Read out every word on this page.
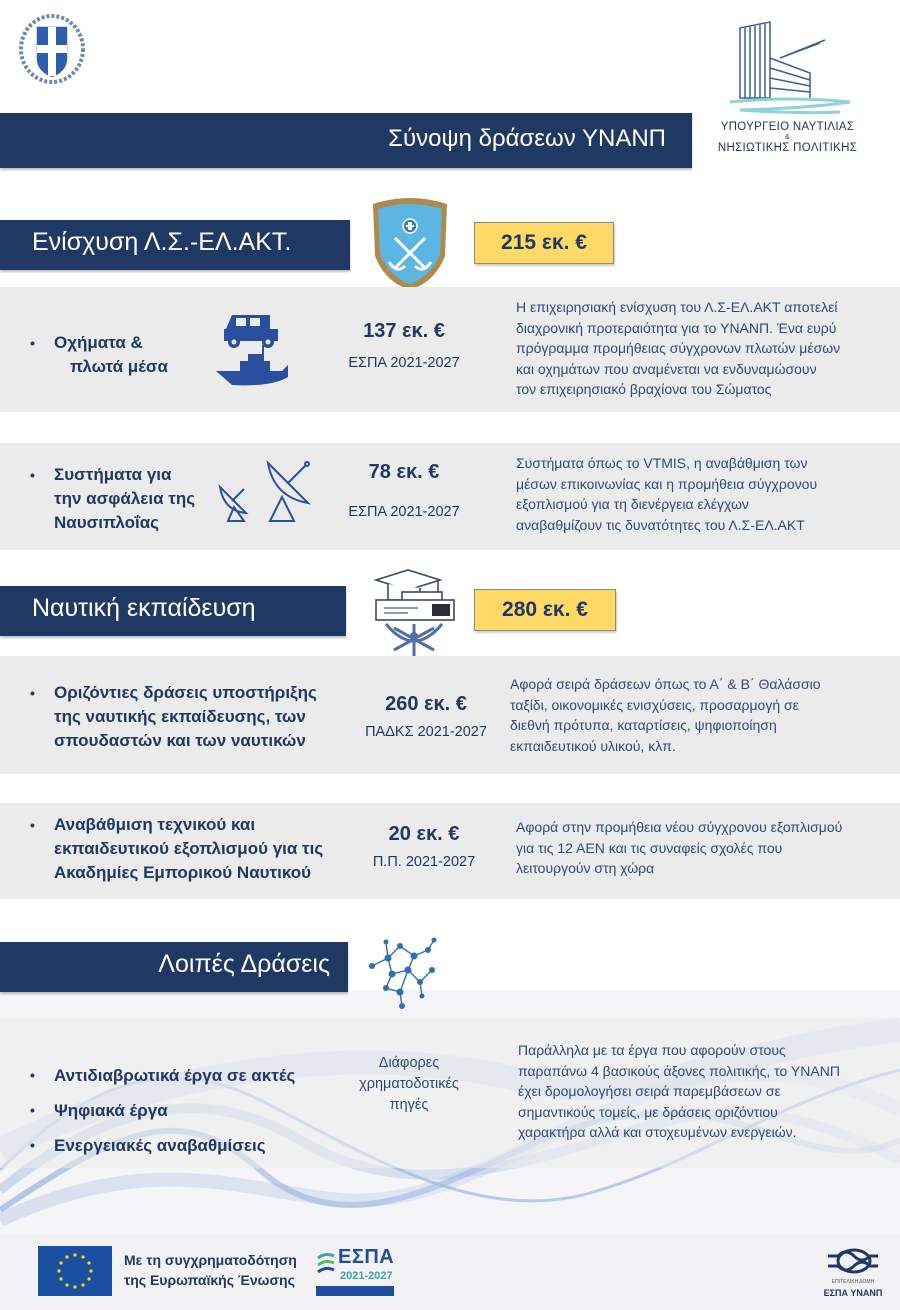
ΥΠΟΥΡΓΕΙΟ ΝΑΥΤΙΛΙΑΣ
&
ΝΗΣΙΩΤΙΚΗΣ ΠΟΛΙΤΙΚΗΣ
Σύνοψη δράσεων ΥΝΑΝΠ
Ενίσχυση Λ.Σ.-ΕΛ.ΑΚΤ.	215 εκ. €
• Οχήματα &
πλωτά μέσα
137 εκ. €
ΕΣΠΑ 2021-2027
Η επιχειρησιακή ενίσχυση του Λ.Σ-ΕΛ.ΑΚΤ αποτελεί
διαχρονική προτεραιότητα για το ΥΝΑΝΠ. Ένα ευρύ
πρόγραμμα προμήθειας σύγχρονων πλωτών μέσων
και οχημάτων που αναμένεται να ενδυναμώσουν
τον επιχειρησιακό βραχίονα του Σώματος
• Συστήματα για
την ασφάλεια της
Ναυσιπλοΐας
78 εκ. €
ΕΣΠΑ 2021-2027
Συστήματα όπως το VTMIS, η αναβάθμιση των
μέσων επικοινωνίας και η προμήθεια σύγχρονου
εξοπλισμού για τη διενέργεια ελέγχων
αναβαθμίζουν τις δυνατότητες του Λ.Σ-ΕΛ.ΑΚΤ
Ναυτική εκπαίδευση	280 εκ. €
• Οριζόντιες δράσεις υποστήριξης
της ναυτικής εκπαίδευσης, των
σπουδαστών και των ναυτικών
260 εκ. €
ΠΑΔΚΣ 2021-2027
Αφορά σειρά δράσεων όπως το Α΄ & Β΄ Θαλάσσιο
ταξίδι, οικονομικές ενισχύσεις, προσαρμογή σε
διεθνή πρότυπα, καταρτίσεις, ψηφιοποίηση
εκπαιδευτικού υλικού, κλπ.
• Αναβάθμιση τεχνικού και
εκπαιδευτικού εξοπλισμού για τις
Ακαδημίες Εμπορικού Ναυτικού
20 εκ. €
Π.Π. 2021-2027
Αφορά στην προμήθεια νέου σύγχρονου εξοπλισμού
για τις 12 ΑΕΝ και τις συναφείς σχολές που
λειτουργούν στη χώρα
Λοιπές Δράσεις
• Αντιδιαβρωτικά έργα σε ακτές
• Ψηφιακά έργα
• Ενεργειακές αναβαθμίσεις
Διάφορες
χρηματοδοτικές
πηγές
Παράλληλα με τα έργα που αφορούν στους
παραπάνω 4 βασικούς άξονες πολιτικής, το ΥΝΑΝΠ
έχει δρομολογήσει σειρά παρεμβάσεων σε
σημαντικούς τομείς, με δράσεις οριζόντιου
χαρακτήρα αλλά και στοχευμένων ενεργειών.
Με τη συγχρηματοδότηση
της Ευρωπαϊκής Ένωσης
ΕΣΠΑ
2021-2027	ΕΠΙΤΕΛΙΚΗ ΔΟΜΗ
ΕΣΠΑ ΥΝΑΝΠ
